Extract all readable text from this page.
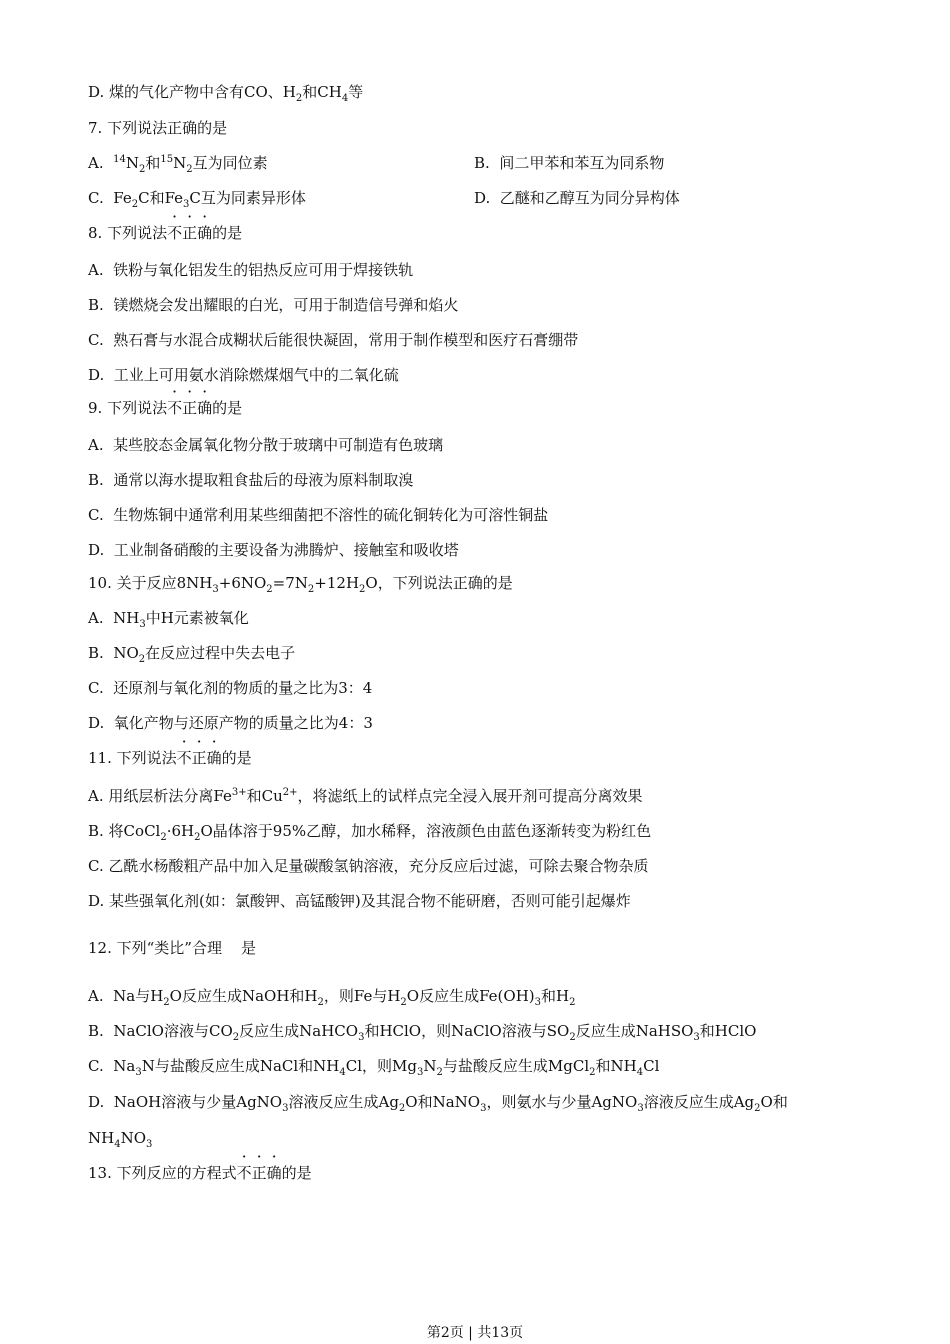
D. 煤的气化产物中含有CO、$H_2$和$CH_4$等
7. 下列说法正确的是
A.  $^{14}N_2$和$^{15}N_2$互为同位素	B.  间二甲苯和苯互为同系物
C.  $Fe_2C$和$Fe_3C$互为同素异形体	D.  乙醚和乙醇互为同分异构体
8. 下列说法不正确的是
A.  铁粉与氧化铝发生的铝热反应可用于焊接铁轨
B.  镁燃烧会发出耀眼的白光，可用于制造信号弹和焰火
C.  熟石膏与水混合成糊状后能很快凝固，常用于制作模型和医疗石膏绷带
D.  工业上可用氨水消除燃煤烟气中的二氧化硫
9. 下列说法不正确的是
A.  某些胶态金属氧化物分散于玻璃中可制造有色玻璃
B.  通常以海水提取粗食盐后的母液为原料制取溴
C.  生物炼铜中通常利用某些细菌把不溶性的硫化铜转化为可溶性铜盐
D.  工业制备硝酸的主要设备为沸腾炉、接触室和吸收塔
10. 关于反应$8NH_3+6NO_2=7N_2+12H_2O$，下列说法正确的是
A.  $NH_3$中H元素被氧化
B.  $NO_2$在反应过程中失去电子
C.  还原剂与氧化剂的物质的量之比为3：4
D.  氧化产物与还原产物的质量之比为4：3
11. 下列说法不正确的是
A. 用纸层析法分离$Fe^{3+}$和$Cu^{2+}$，将滤纸上的试样点完全浸入展开剂可提高分离效果
B. 将$CoCl_2\cdot 6H_2O$晶体溶于95%乙醇，加水稀释，溶液颜色由蓝色逐渐转变为粉红色
C. 乙酰水杨酸粗产品中加入足量碳酸氢钠溶液，充分反应后过滤，可除去聚合物杂质
D. 某些强氧化剂(如：氯酸钾、高锰酸钾)及其混合物不能研磨，否则可能引起爆炸
12. 下列“类比”合理    是
A.  Na与$H_2O$反应生成NaOH和$H_2$，则Fe与$H_2O$反应生成$Fe(OH)_3$和$H_2$
B.  NaClO溶液与$CO_2$反应生成NaHCO$_3$和HClO，则NaClO溶液与$SO_2$反应生成NaHSO$_3$和HClO
C.  $Na_3N$与盐酸反应生成NaCl和$NH_4Cl$，则$Mg_3N_2$与盐酸反应生成MgCl$_2$和$NH_4Cl$
D.  NaOH溶液与少量AgNO$_3$溶液反应生成$Ag_2O$和NaNO$_3$，则氨水与少量AgNO$_3$溶液反应生成$Ag_2O$和
$NH_4NO_3$
13. 下列反应的方程式不正确的是
第2页 | 共13页
